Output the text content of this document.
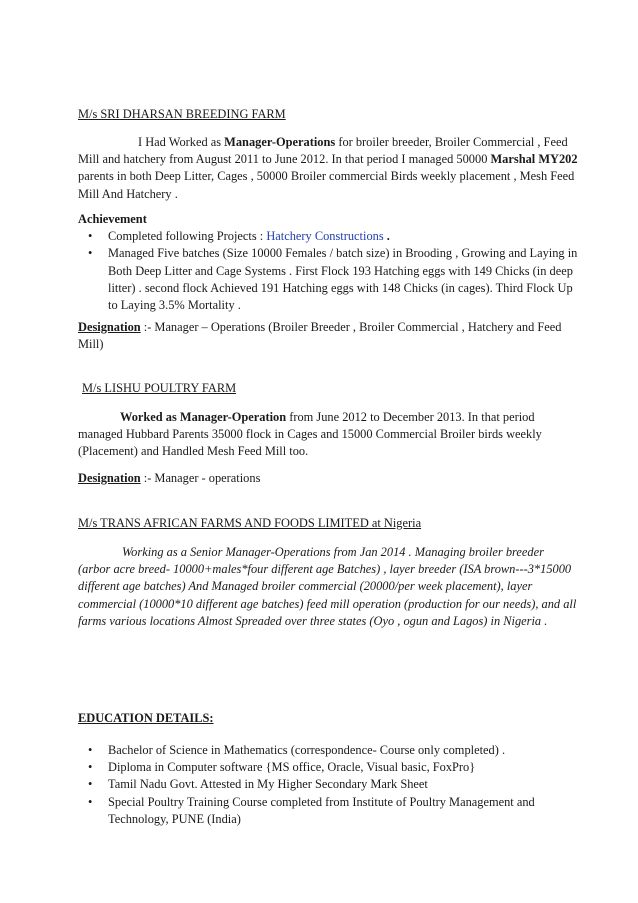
M/s SRI DHARSAN BREEDING FARM

I Had Worked as Manager-Operations for broiler breeder, Broiler Commercial , Feed Mill and hatchery from August 2011 to June 2012. In that period I managed 50000 Marshal MY202 parents in both Deep Litter, Cages , 50000 Broiler commercial Birds weekly placement , Mesh Feed Mill And Hatchery .

Achievement

• Completed following Projects : Hatchery Constructions .
• Managed Five batches (Size 10000 Females / batch size) in Brooding , Growing and Laying in Both Deep Litter and Cage Systems . First Flock 193 Hatching eggs with 149 Chicks (in deep litter) . second flock Achieved 191 Hatching eggs with 148 Chicks (in cages). Third Flock Up to Laying 3.5% Mortality .

Designation :- Manager – Operations (Broiler Breeder , Broiler Commercial , Hatchery and Feed Mill)

M/s LISHU POULTRY FARM

Worked as Manager-Operation from June 2012 to December 2013. In that period managed Hubbard Parents 35000 flock in Cages and 15000 Commercial Broiler birds weekly (Placement) and Handled Mesh Feed Mill too.

Designation :- Manager - operations

M/s TRANS AFRICAN FARMS AND FOODS LIMITED at Nigeria

Working as a Senior Manager-Operations from Jan 2014 . Managing broiler breeder (arbor acre breed- 10000+males*four different age Batches) , layer breeder (ISA brown---3*15000 different age batches) And Managed broiler commercial (20000/per week placement), layer commercial (10000*10 different age batches) feed mill operation (production for our needs), and all farms various locations Almost Spreaded over three states (Oyo , ogun and Lagos) in Nigeria .

EDUCATION DETAILS:

• Bachelor of Science in Mathematics (correspondence- Course only completed) .
• Diploma in Computer software {MS office, Oracle, Visual basic, FoxPro}
• Tamil Nadu Govt. Attested in My Higher Secondary Mark Sheet
• Special Poultry Training Course completed from Institute of Poultry Management and Technology, PUNE (India)
